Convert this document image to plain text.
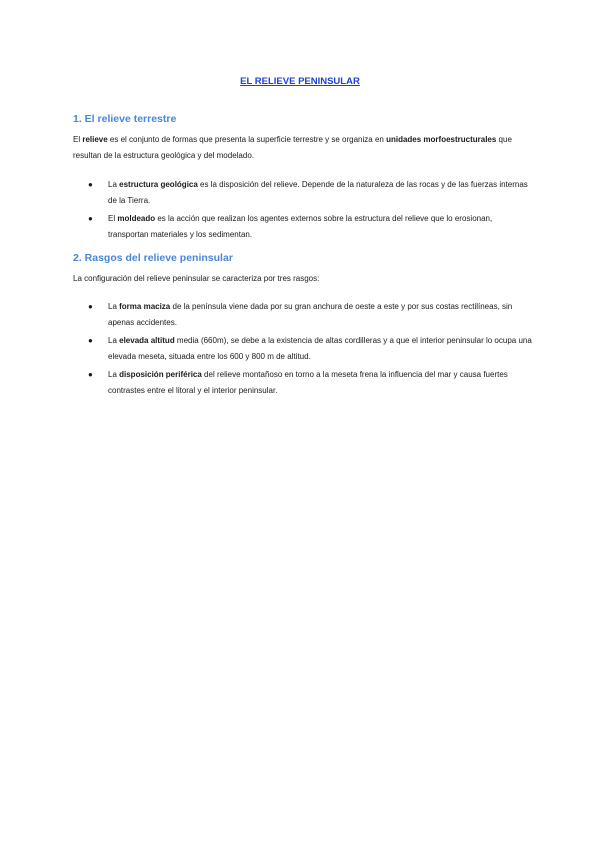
EL RELIEVE PENINSULAR
1. El relieve terrestre

El relieve es el conjunto de formas que presenta la superficie terrestre y se organiza en unidades morfoestructurales que resultan de la estructura geológica y del modelado.

● La estructura geológica es la disposición del relieve. Depende de la naturaleza de las rocas y de las fuerzas internas de la Tierra.
● El moldeado es la acción que realizan los agentes externos sobre la estructura del relieve que lo erosionan, transportan materiales y los sedimentan.
2. Rasgos del relieve peninsular

La configuración del relieve peninsular se caracteriza por tres rasgos:

● La forma maciza de la península viene dada por su gran anchura de oeste a este y por sus costas rectilíneas, sin apenas accidentes.
● La elevada altitud media (660m), se debe a la existencia de altas cordilleras y a que el interior peninsular lo ocupa una elevada meseta, situada entre los 600 y 800 m de altitud.
● La disposición periférica del relieve montañoso en torno a la meseta frena la influencia del mar y causa fuertes contrastes entre el litoral y el interior peninsular.
